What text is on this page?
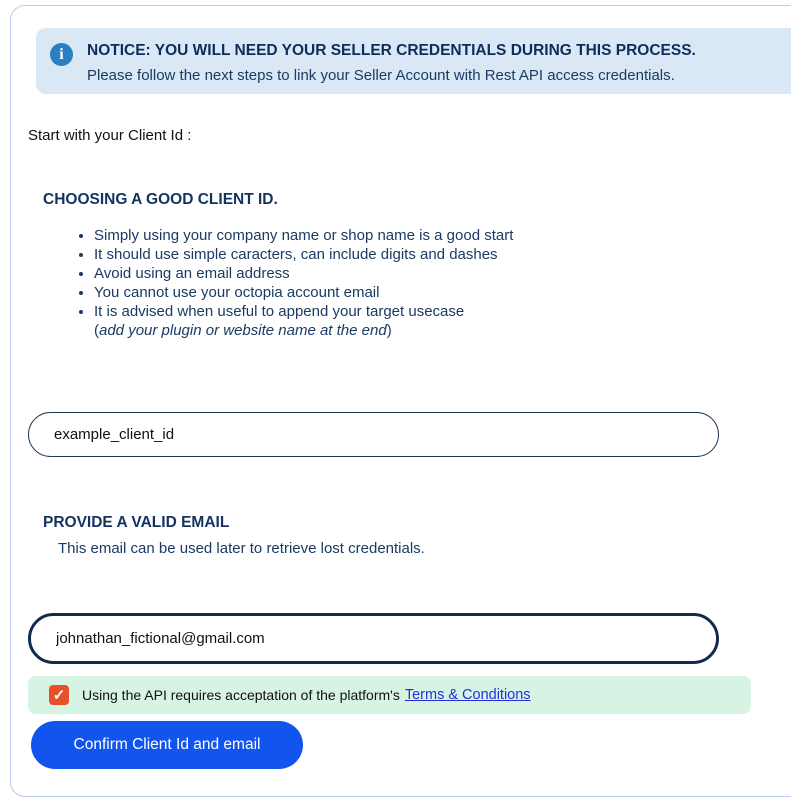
i	NOTICE: YOU WILL NEED YOUR SELLER CREDENTIALS DURING THIS PROCESS.
Please follow the next steps to link your Seller Account with Rest API access credentials.
Start with your Client Id :
CHOOSING A GOOD CLIENT ID.
• Simply using your company name or shop name is a good start
• It should use simple caracters, can include digits and dashes
• Avoid using an email address
• You cannot use your octopia account email
• It is advised when useful to append your target usecase
(add your plugin or website name at the end)
example_client_id
PROVIDE A VALID EMAIL
This email can be used later to retrieve lost credentials.
johnathan_fictional@gmail.com
✓ Using the API requires acceptation of the platform's Terms & Conditions
Confirm Client Id and email
